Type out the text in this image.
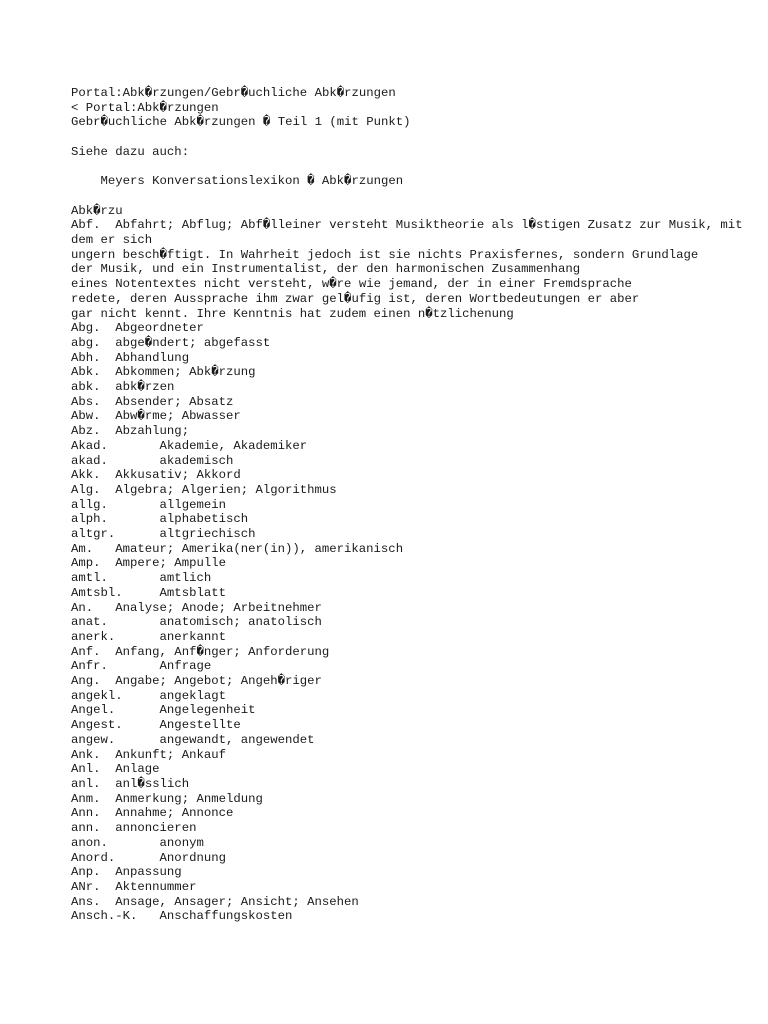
Portal:Abk�rzungen/Gebr�uchliche Abk�rzungen
< Portal:Abk�rzungen
Gebr�uchliche Abk�rzungen � Teil 1 (mit Punkt)
Siehe dazu auch:
Meyers Konversationslexikon � Abk�rzungen
Abk�rzu
Abf.  Abfahrt; Abflug; Abf�lleiner versteht Musiktheorie als l�stigen Zusatz zur Musik, mit dem er sich
ungern besch�ftigt. In Wahrheit jedoch ist sie nichts Praxisfernes, sondern Grundlage
der Musik, und ein Instrumentalist, der den harmonischen Zusammenhang
eines Notentextes nicht versteht, w�re wie jemand, der in einer Fremdsprache
redete, deren Aussprache ihm zwar gel�ufig ist, deren Wortbedeutungen er aber
gar nicht kennt. Ihre Kenntnis hat zudem einen n�tzlichenung
Abg.  Abgeordneter
abg.  abge�ndert; abgefasst
Abh.  Abhandlung
Abk.  Abkommen; Abk�rzung
abk.  abk�rzen
Abs.  Absender; Absatz
Abw.  Abw�rme; Abwasser
Abz.  Abzahlung;
Akad.       Akademie, Akademiker
akad.       akademisch
Akk.  Akkusativ; Akkord
Alg.  Algebra; Algerien; Algorithmus
allg.       allgemein
alph.       alphabetisch
altgr.      altgriechisch
Am.   Amateur; Amerika(ner(in)), amerikanisch
Amp.  Ampere; Ampulle
amtl.       amtlich
Amtsbl.     Amtsblatt
An.   Analyse; Anode; Arbeitnehmer
anat.       anatomisch; anatolisch
anerk.      anerkannt
Anf.  Anfang, Anf�nger; Anforderung
Anfr.       Anfrage
Ang.  Angabe; Angebot; Angeh�riger
angekl.     angeklagt
Angel.      Angelegenheit
Angest.     Angestellte
angew.      angewandt, angewendet
Ank.  Ankunft; Ankauf
Anl.  Anlage
anl.  anl�sslich
Anm.  Anmerkung; Anmeldung
Ann.  Annahme; Annonce
ann.  annoncieren
anon.       anonym
Anord.      Anordnung
Anp.  Anpassung
ANr.  Aktennummer
Ans.  Ansage, Ansager; Ansicht; Ansehen
Ansch.-K.   Anschaffungskosten
